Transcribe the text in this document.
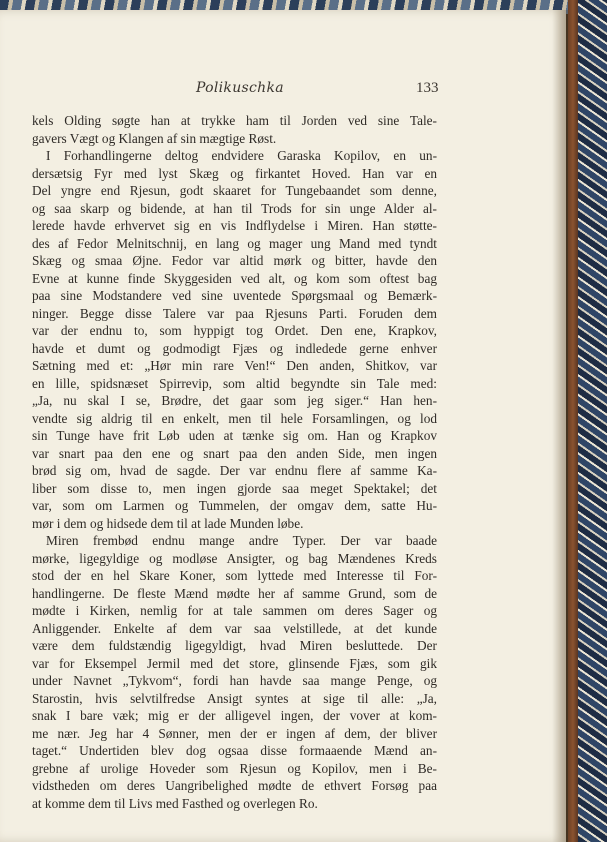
Polikuschka	133
kels Olding søgte han at trykke ham til Jorden ved sine Tale-
gavers Vægt og Klangen af sin mægtige Røst.
I Forhandlingerne deltog endvidere Garaska Kopilov, en un-
dersætsig Fyr med lyst Skæg og firkantet Hoved. Han var en
Del yngre end Rjesun, godt skaaret for Tungebaandet som denne,
og saa skarp og bidende, at han til Trods for sin unge Alder al-
lerede havde erhvervet sig en vis Indflydelse i Miren. Han støtte-
des af Fedor Melnitschnij, en lang og mager ung Mand med tyndt
Skæg og smaa Øjne. Fedor var altid mørk og bitter, havde den
Evne at kunne finde Skyggesiden ved alt, og kom som oftest bag
paa sine Modstandere ved sine uventede Spørgsmaal og Bemærk-
ninger. Begge disse Talere var paa Rjesuns Parti. Foruden dem
var der endnu to, som hyppigt tog Ordet. Den ene, Krapkov,
havde et dumt og godmodigt Fjæs og indledede gerne enhver
Sætning med et: „Hør min rare Ven!“ Den anden, Shitkov, var
en lille, spidsnæset Spirrevip, som altid begyndte sin Tale med:
„Ja, nu skal I se, Brødre, det gaar som jeg siger.“ Han hen-
vendte sig aldrig til en enkelt, men til hele Forsamlingen, og lod
sin Tunge have frit Løb uden at tænke sig om. Han og Krapkov
var snart paa den ene og snart paa den anden Side, men ingen
brød sig om, hvad de sagde. Der var endnu flere af samme Ka-
liber som disse to, men ingen gjorde saa meget Spektakel; det
var, som om Larmen og Tummelen, der omgav dem, satte Hu-
mør i dem og hidsede dem til at lade Munden løbe.
Miren frembød endnu mange andre Typer. Der var baade
mørke, ligegyldige og modløse Ansigter, og bag Mændenes Kreds
stod der en hel Skare Koner, som lyttede med Interesse til For-
handlingerne. De fleste Mænd mødte her af samme Grund, som de
mødte i Kirken, nemlig for at tale sammen om deres Sager og
Anliggender. Enkelte af dem var saa velstillede, at det kunde
være dem fuldstændig ligegyldigt, hvad Miren besluttede. Der
var for Eksempel Jermil med det store, glinsende Fjæs, som gik
under Navnet „Tykvom“, fordi han havde saa mange Penge, og
Starostin, hvis selvtilfredse Ansigt syntes at sige til alle: „Ja,
snak I bare væk; mig er der alligevel ingen, der vover at kom-
me nær. Jeg har 4 Sønner, men der er ingen af dem, der bliver
taget.“ Undertiden blev dog ogsaa disse formaaende Mænd an-
grebne af urolige Hoveder som Rjesun og Kopilov, men i Be-
vidstheden om deres Uangribelighed mødte de ethvert Forsøg paa
at komme dem til Livs med Fasthed og overlegen Ro.
